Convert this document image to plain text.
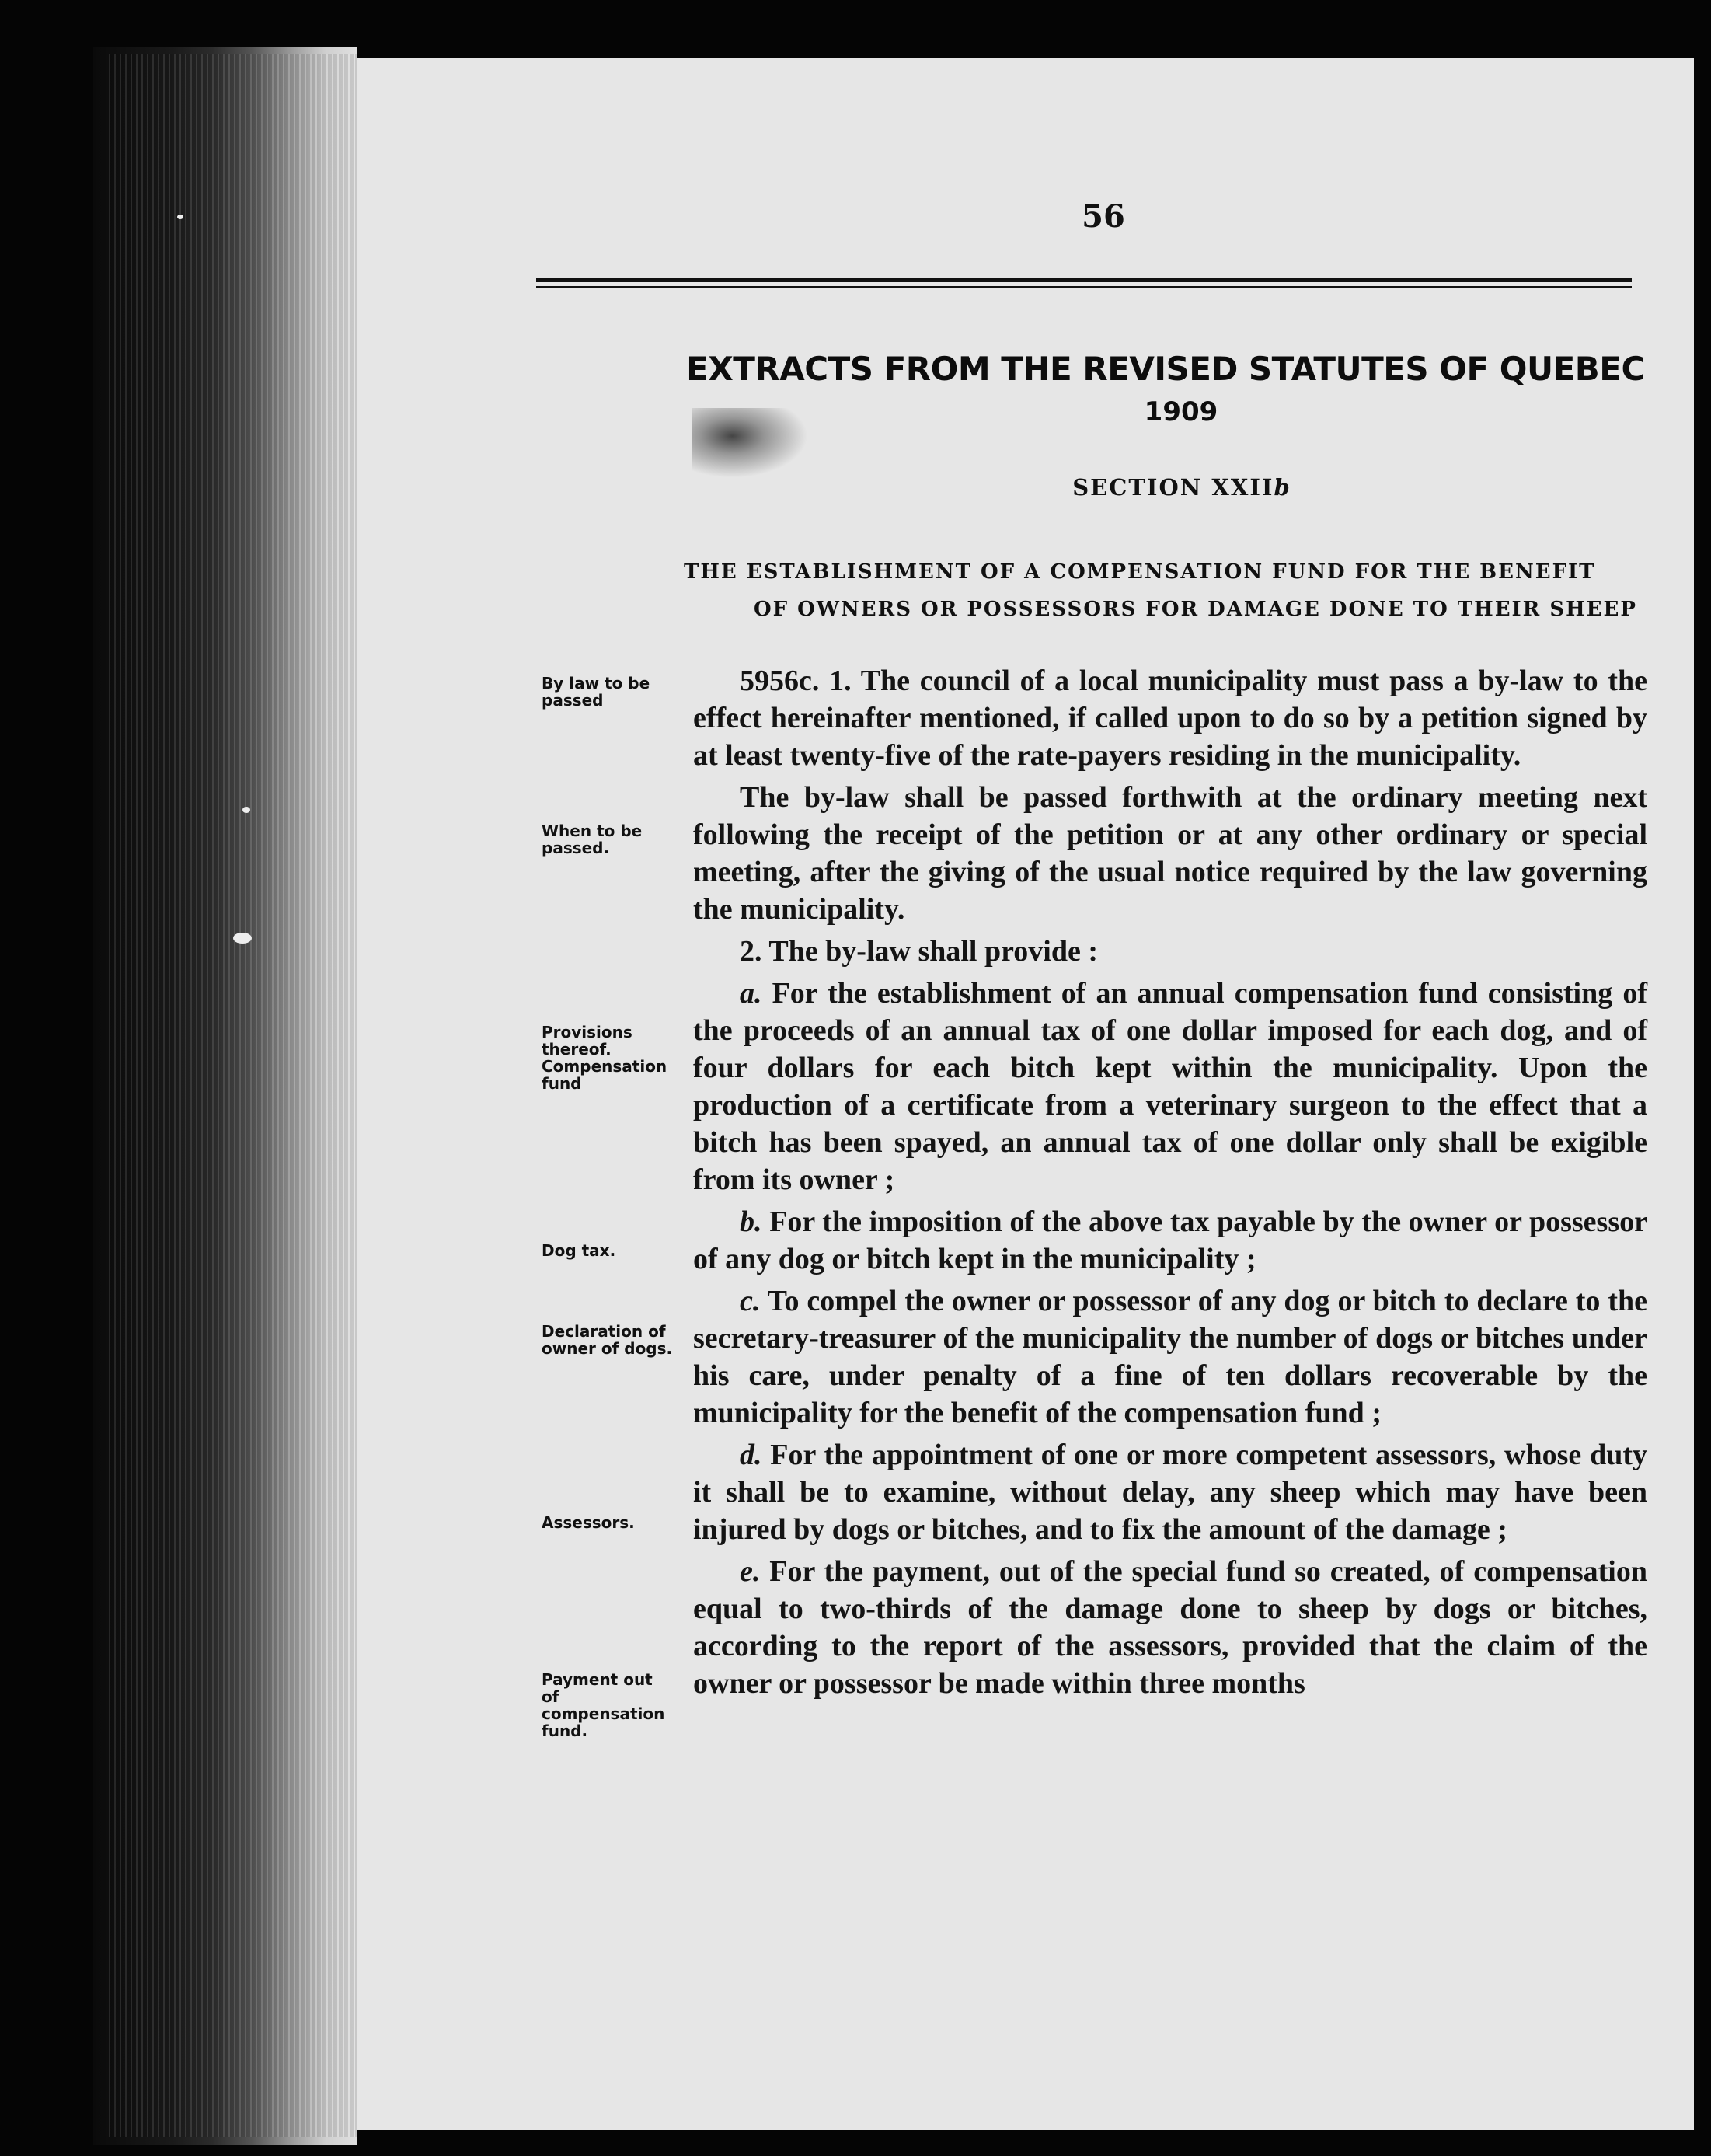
56
EXTRACTS FROM THE REVISED STATUTES OF QUEBEC
1909
SECTION XXIIb
THE ESTABLISHMENT OF A COMPENSATION FUND FOR THE BENEFIT
OF OWNERS OR POSSESSORS FOR DAMAGE DONE TO THEIR SHEEP
By law to be passed
When to be passed.
Provisions thereof. Compensation fund
Dog tax.
Declaration of owner of dogs.
Assessors.
Payment out of compensation fund.

5956c. 1. The council of a local municipality must pass a by-law to the effect hereinafter mentioned, if called upon to do so by a petition signed by at least twenty-five of the rate-payers residing in the municipality.

The by-law shall be passed forthwith at the ordinary meeting next following the receipt of the petition or at any other ordinary or special meeting, after the giving of the usual notice required by the law governing the municipality.

2. The by-law shall provide :

a. For the establishment of an annual compensation fund consisting of the proceeds of an annual tax of one dollar imposed for each dog, and of four dollars for each bitch kept within the municipality. Upon the production of a certificate from a veterinary surgeon to the effect that a bitch has been spayed, an annual tax of one dollar only shall be exigible from its owner ;

b. For the imposition of the above tax payable by the owner or possessor of any dog or bitch kept in the municipality ;

c. To compel the owner or possessor of any dog or bitch to declare to the secretary-treasurer of the municipality the number of dogs or bitches under his care, under penalty of a fine of ten dollars recoverable by the municipality for the benefit of the compensation fund ;

d. For the appointment of one or more competent assessors, whose duty it shall be to examine, without delay, any sheep which may have been injured by dogs or bitches, and to fix the amount of the damage ;

e. For the payment, out of the special fund so created, of compensation equal to two-thirds of the damage done to sheep by dogs or bitches, according to the report of the assessors, provided that the claim of the owner or possessor be made within three months
